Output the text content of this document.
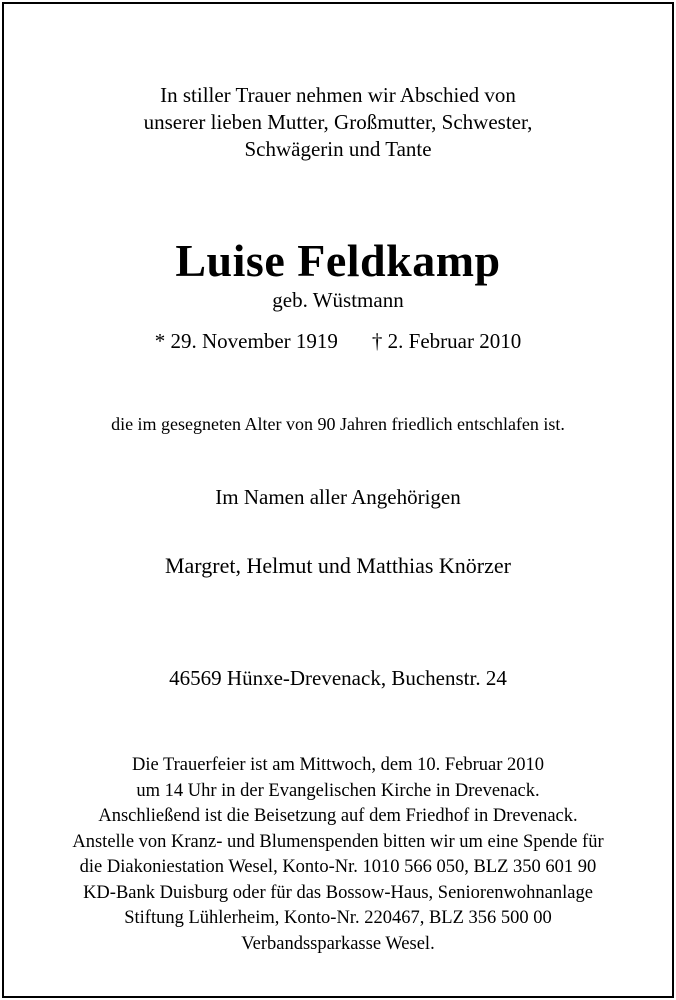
In stiller Trauer nehmen wir Abschied von
unserer lieben Mutter, Großmutter, Schwester,
Schwägerin und Tante
Luise Feldkamp
geb. Wüstmann
* 29. November 1919 † 2. Februar 2010
die im gesegneten Alter von 90 Jahren friedlich entschlafen ist.
Im Namen aller Angehörigen
Margret, Helmut und Matthias Knörzer
46569 Hünxe-Drevenack, Buchenstr. 24
Die Trauerfeier ist am Mittwoch, dem 10. Februar 2010
um 14 Uhr in der Evangelischen Kirche in Drevenack.
Anschließend ist die Beisetzung auf dem Friedhof in Drevenack.
Anstelle von Kranz- und Blumenspenden bitten wir um eine Spende für
die Diakoniestation Wesel, Konto-Nr. 1010 566 050, BLZ 350 601 90
KD-Bank Duisburg oder für das Bossow-Haus, Seniorenwohnanlage
Stiftung Lühlerheim, Konto-Nr. 220467, BLZ 356 500 00
Verbandssparkasse Wesel.
